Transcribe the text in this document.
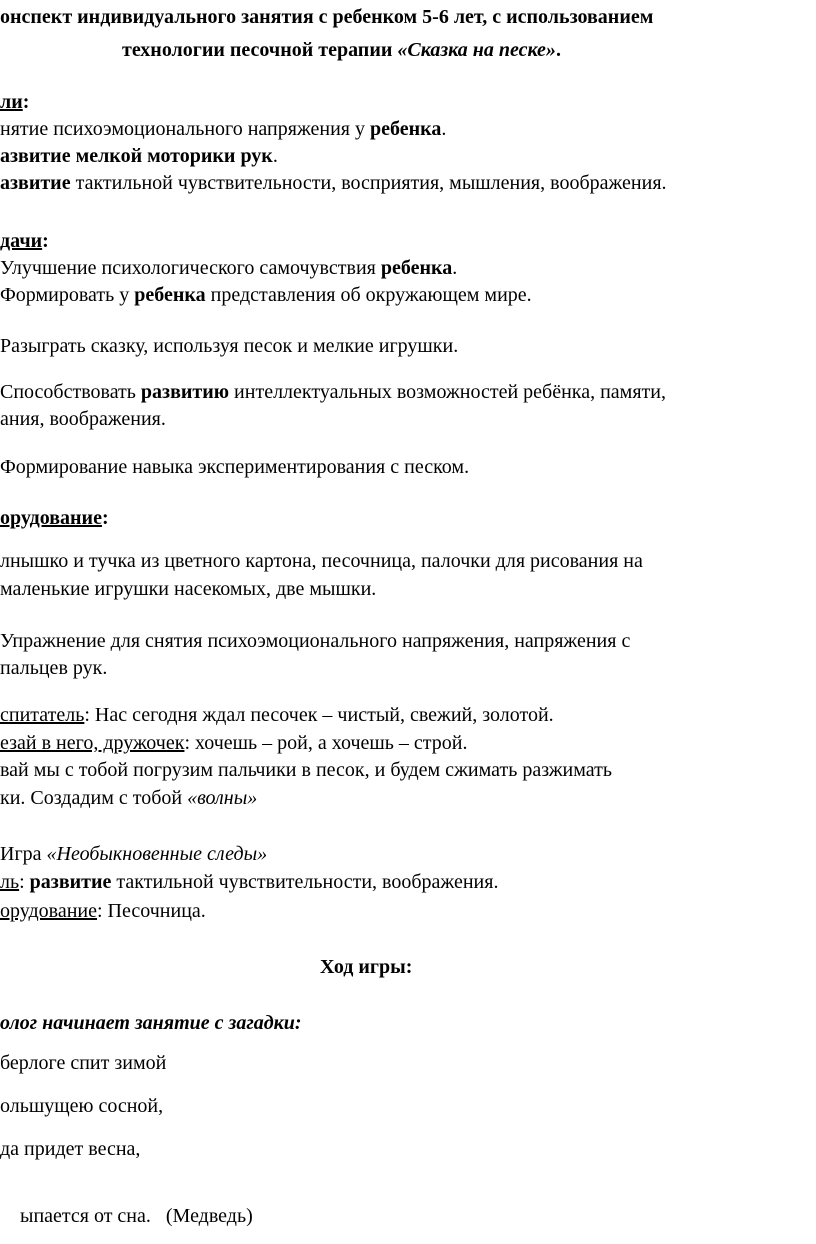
онспект индивидуального занятия с ребенком 5-6 лет, с использованием
технологии песочной терапии «Сказка на песке».
ли:
нятие психоэмоционального напряжения у ребенка.
азвитие мелкой моторики рук.
азвитие тактильной чувствительности, восприятия, мышления, воображения.
дачи:
Улучшение психологического самочувствия ребенка.
Формировать у ребенка представления об окружающем мире.
Разыграть сказку, используя песок и мелкие игрушки.
Способствовать развитию интеллектуальных возможностей ребёнка, памяти,
ания, воображения.
Формирование навыка экспериментирования с песком.
орудование:
лнышко и тучка из цветного картона, песочница, палочки для рисования на
маленькие игрушки насекомых, две мышки.
Упражнение для снятия психоэмоционального напряжения, напряжения с
пальцев рук.
спитатель: Нас сегодня ждал песочек – чистый, свежий, золотой.
езай в него, дружочек: хочешь – рой, а хочешь – строй.
вай мы с тобой погрузим пальчики в песок, и будем сжимать разжимать
ки. Создадим с тобой «волны»
Игра «Необыкновенные следы»
ль: развитие тактильной чувствительности, воображения.
орудование: Песочница.
Ход игры:
олог начинает занятие с загадки:
берлоге спит зимой
ольшущею сосной,
да придет весна,

ыпается от сна.   (Медведь)
